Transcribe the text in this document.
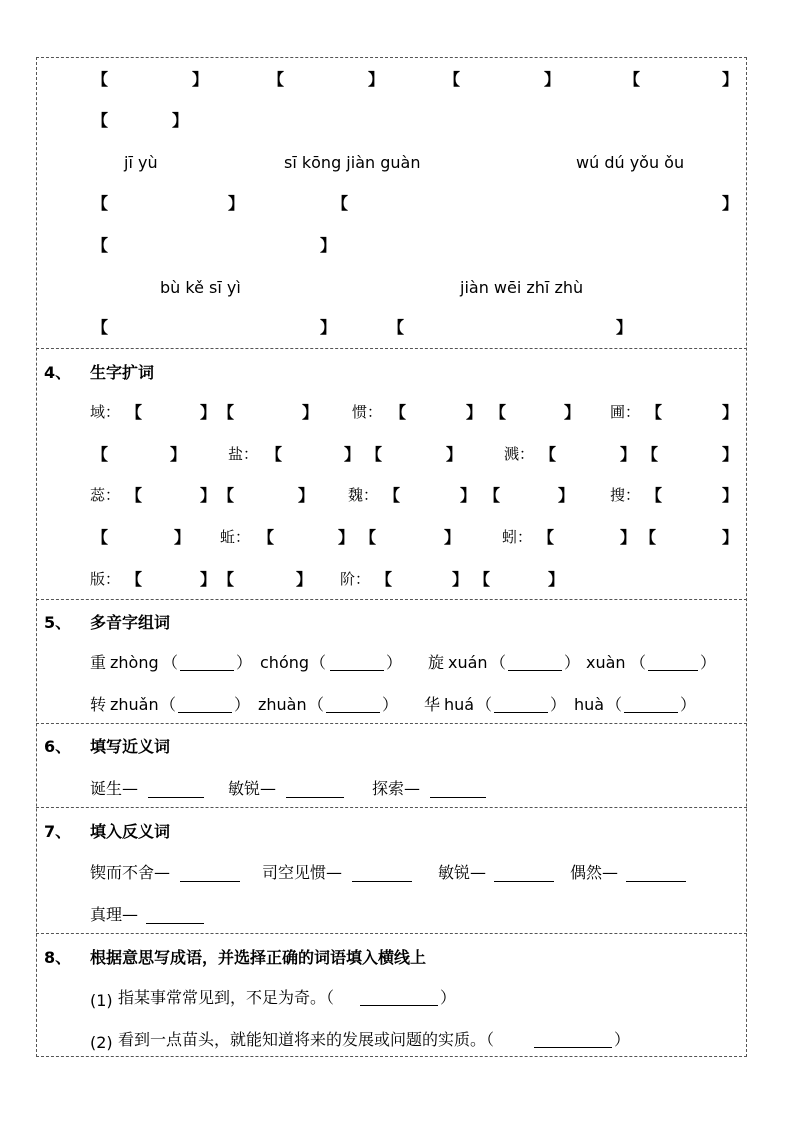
【	】	【	】	【	】	【	】
【	】
jī yù	sī kōng jiàn guàn	wú dú yǒu ǒu
【	】	【	】
【	】
bù kě sī yì	jiàn wēi zhī zhù
【	】	【	】
4、 生字扩词
域： 【	】 【	】 惯： 【	】 【	】 圃： 【	】
【	】	盐： 【	】 【	】	溅： 【	】 【	】
蕊： 【	】 【	】 魏： 【	】 【	】 搜： 【	】
【	】 蚯： 【	】 【	】	蚓： 【	】 【	】
版： 【	】 【	】 阶： 【	】 【	】
5、 多音字组词
重 zhòng （	） chóng （	） 旋 xuán （	） xuàn （	）
转 zhuǎn （	） zhuàn （	） 华 huá （	） huà （	）
6、 填写近义词
诞生—	敏锐—	探索—
7、 填入反义词
锲而不舍—	司空见惯—	敏锐—	偶然—
真理—
8、 根据意思写成语，并选择正确的词语填入横线上
(1) 指某事常常见到，不足为奇。（	）
(2) 看到一点苗头，就能知道将来的发展或问题的实质。（	）
